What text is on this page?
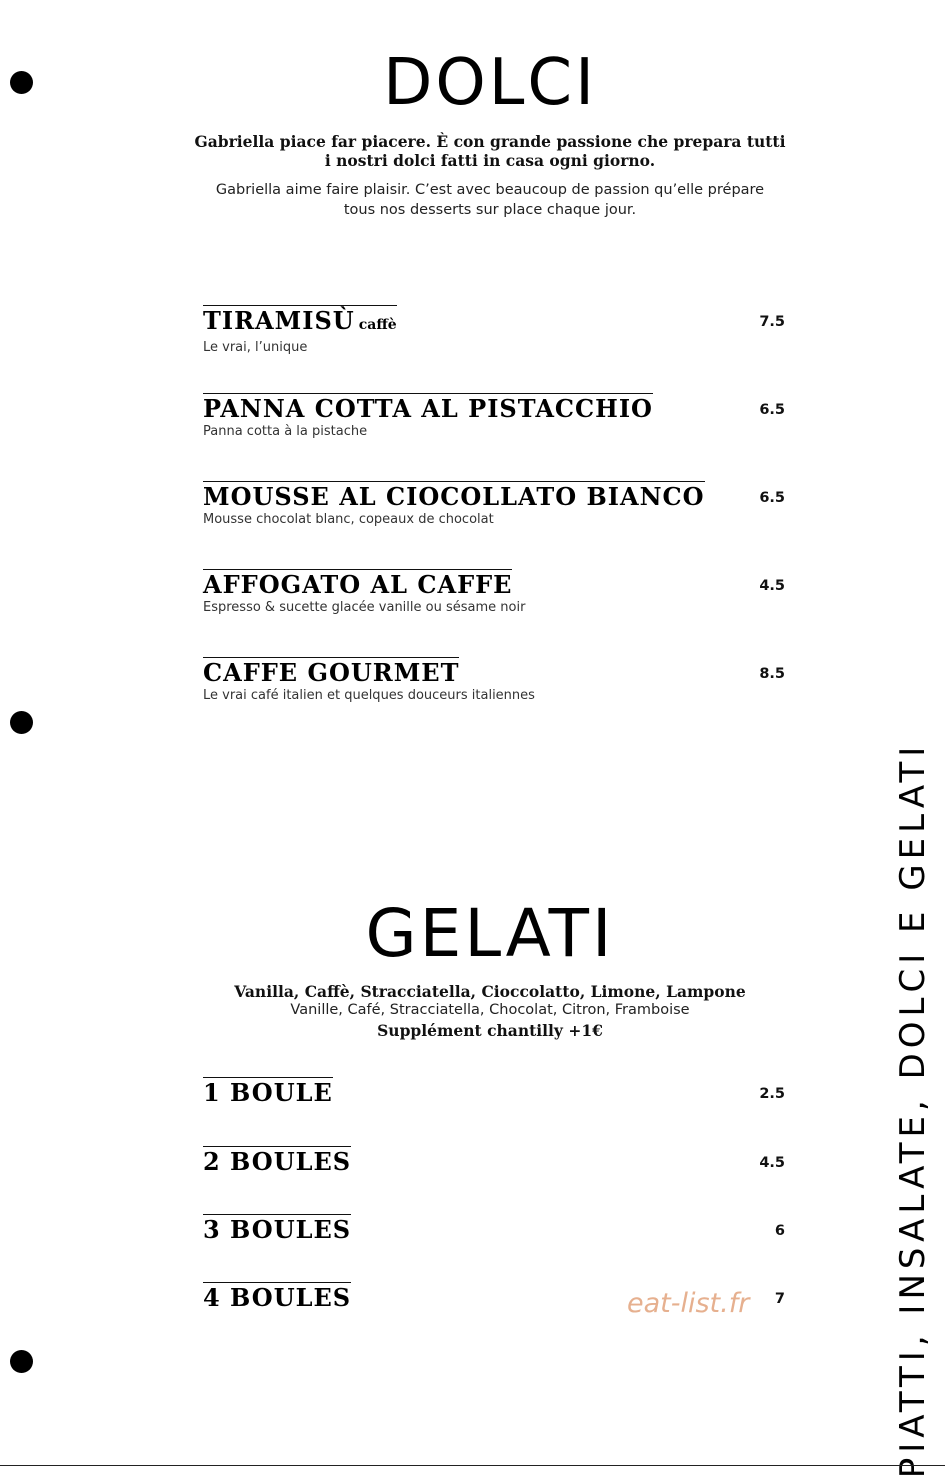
DOLCI
Gabriella piace far piacere. È con grande passione che prepara tutti
i nostri dolci fatti in casa ogni giorno.
Gabriella aime faire plaisir. C’est avec beaucoup de passion qu’elle prépare
tous nos desserts sur place chaque jour.
TIRAMISÙ caffè
Le vrai, l’unique
7.5
PANNA COTTA AL PISTACCHIO
Panna cotta à la pistache
6.5
MOUSSE AL CIOCOLLATO BIANCO
Mousse chocolat blanc, copeaux de chocolat
6.5
AFFOGATO AL CAFFE
Espresso & sucette glacée vanille ou sésame noir
4.5
CAFFE GOURMET
Le vrai café italien et quelques douceurs italiennes
8.5
GELATI
Vanilla, Caffè, Stracciatella, Cioccolatto, Limone, Lampone
Vanille, Café, Stracciatella, Chocolat, Citron, Framboise
Supplément chantilly +1€
1 BOULE	2.5
2 BOULES	4.5
3 BOULES	6
4 BOULES	7
eat-list.fr	PIATTI, INSALATE, DOLCI E GELATI
